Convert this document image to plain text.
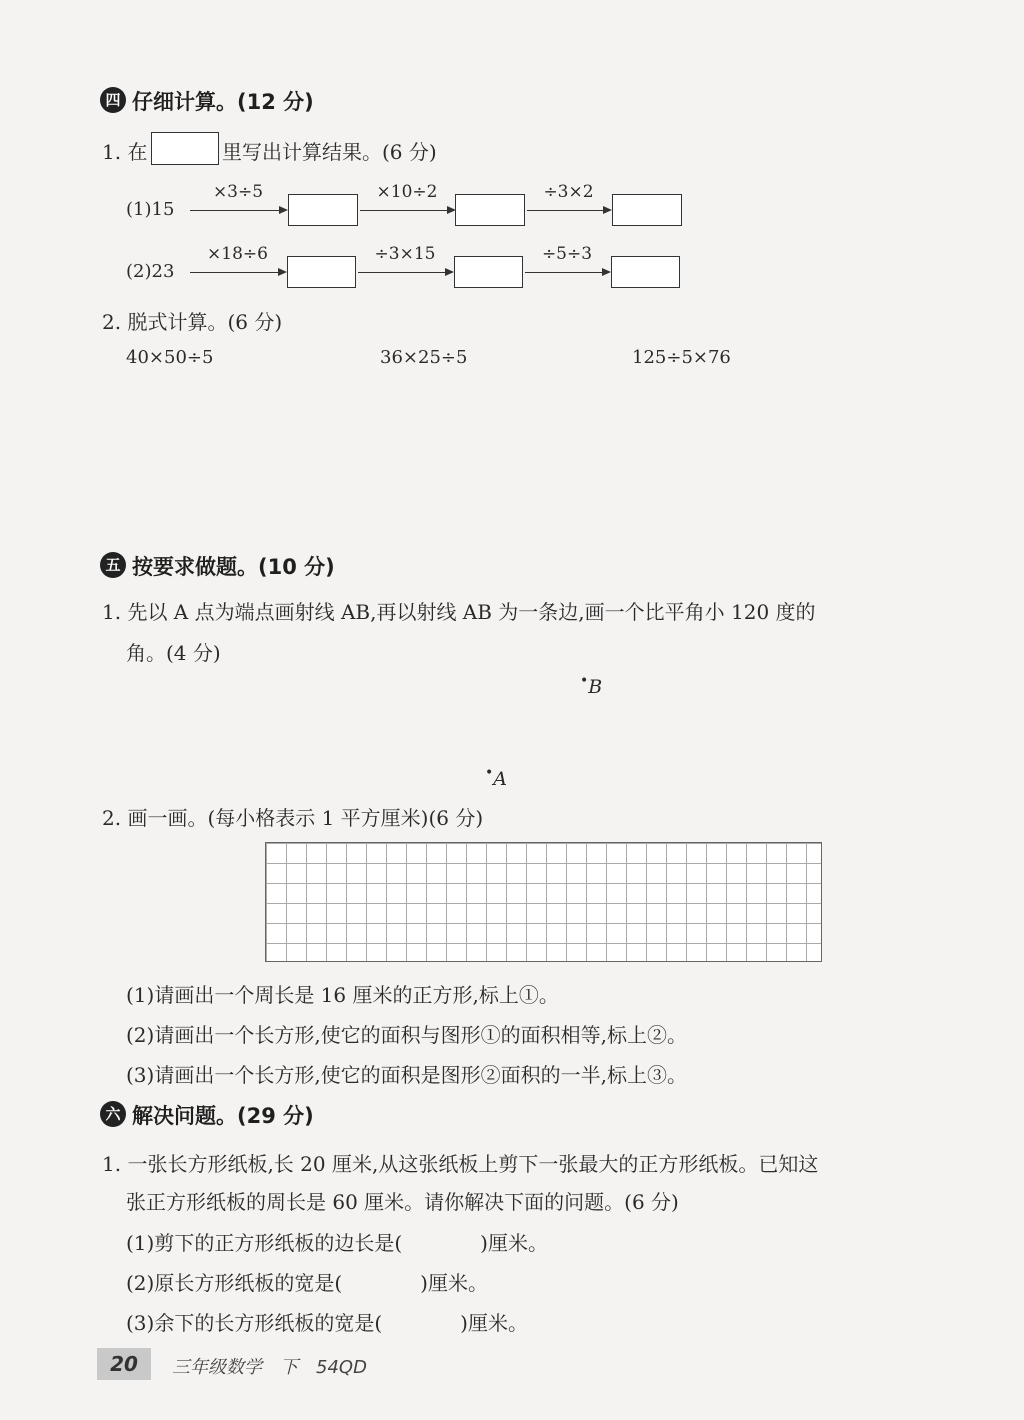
四 仔细计算。(12 分)
1. 在	里写出计算结果。(6 分)
(1)15
×3÷5	×10÷2	÷3×2
(2)23
×18÷6	÷3×15	÷5÷3
2. 脱式计算。(6 分)
40×50÷5	36×25÷5	125÷5×76
五 按要求做题。(10 分)
1. 先以 A 点为端点画射线 AB,再以射线 AB 为一条边,画一个比平角小 120 度的
角。(4 分)
•B
•A
2. 画一画。(每小格表示 1 平方厘米)(6 分)
(1)请画出一个周长是 16 厘米的正方形,标上①。
(2)请画出一个长方形,使它的面积与图形①的面积相等,标上②。
(3)请画出一个长方形,使它的面积是图形②面积的一半,标上③。
六 解决问题。(29 分)
1. 一张长方形纸板,长 20 厘米,从这张纸板上剪下一张最大的正方形纸板。已知这
张正方形纸板的周长是 60 厘米。请你解决下面的问题。(6 分)
(1)剪下的正方形纸板的边长是(	)厘米。
(2)原长方形纸板的宽是(	)厘米。
(3)余下的长方形纸板的宽是(	)厘米。
20	三年级数学　下　54QD
